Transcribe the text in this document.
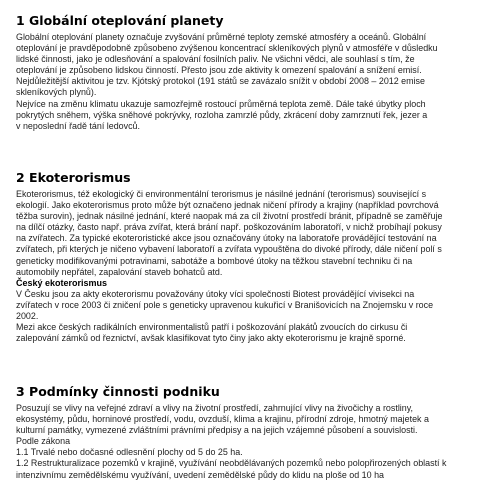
1 Globální oteplování planety
Globální oteplování planety označuje zvyšování průměrné teploty zemské atmosféry a oceánů. Globální
oteplování je pravděpodobně způsobeno zvýšenou koncentrací skleníkových plynů v atmosféře v důsledku
lidské činnosti, jako je odlesňování a spalování fosilních paliv. Ne všichni vědci, ale souhlasí s tím, že
oteplování je způsobeno lidskou činností. Přesto jsou zde aktivity k omezení spalování a snížení emisí.
Nejdůležitější aktivitou je tzv. Kjótský protokol (191 států se zavázalo snížit v období 2008 – 2012 emise
skleníkových plynů).
Nejvíce na změnu klimatu ukazuje samozřejmě rostoucí průměrná teplota země. Dále také úbytky ploch
pokrytých sněhem, výška sněhové pokrývky, rozloha zamrzlé půdy, zkrácení doby zamrznutí řek, jezer a
v neposlední řadě tání ledovců.
2 Ekoterorismus
Ekoterorismus, též ekologický či environmentální terorismus je násilné jednání (terorismus) související s
ekologií. Jako ekoterorismus proto může být označeno jednak ničení přírody a krajiny (například povrchová
těžba surovin), jednak násilné jednání, které naopak má za cíl životní prostředí bránit, případně se zaměřuje
na dílčí otázky, často např. práva zvířat, která brání např. poškozováním laboratoří, v nichž probíhají pokusy
na zvířatech. Za typické ekoteroristické akce jsou označovány útoky na laboratoře provádějící testování na
zvířatech, při kterých je ničeno vybavení laboratoří a zvířata vypouštěna do divoké přírody, dále ničení polí s
geneticky modifikovanými potravinami, sabotáže a bombové útoky na těžkou stavební techniku či na
automobily nepřátel, zapalování staveb bohatců atd.
Český ekoterorismus
V Česku jsou za akty ekoterorismu považovány útoky víci společnosti Biotest provádějící vivisekci na
zvířatech v roce 2003 či zničení pole s geneticky upravenou kukuřicí v Branišovicích na Znojemsku v roce
2002.
Mezi akce českých radikálních environmentalistů patří i poškozování plakátů zvoucích do cirkusu či
zalepování zámků od řeznictví, avšak klasifikovat tyto činy jako akty ekoterorismu je krajně sporné.
3 Podmínky činnosti podniku
Posuzují se vlivy na veřejné zdraví a vlivy na životní prostředí, zahrnující vlivy na živočichy a rostliny,
ekosystémy, půdu, horninové prostředí, vodu, ovzduší, klima a krajinu, přírodní zdroje, hmotný majetek a
kulturní památky, vymezené zvláštními právními předpisy a na jejich vzájemné působení a souvislosti.
Podle zákona
1.1 Trvalé nebo dočasné odlesnění plochy od 5 do 25 ha.
1.2 Restrukturalizace pozemků v krajině, využívání neobdělávaných pozemků nebo polopřirozených oblastí k
intenzivnímu zemědělskému využívání, uvedení zemědělské půdy do klidu na ploše od 10 ha
